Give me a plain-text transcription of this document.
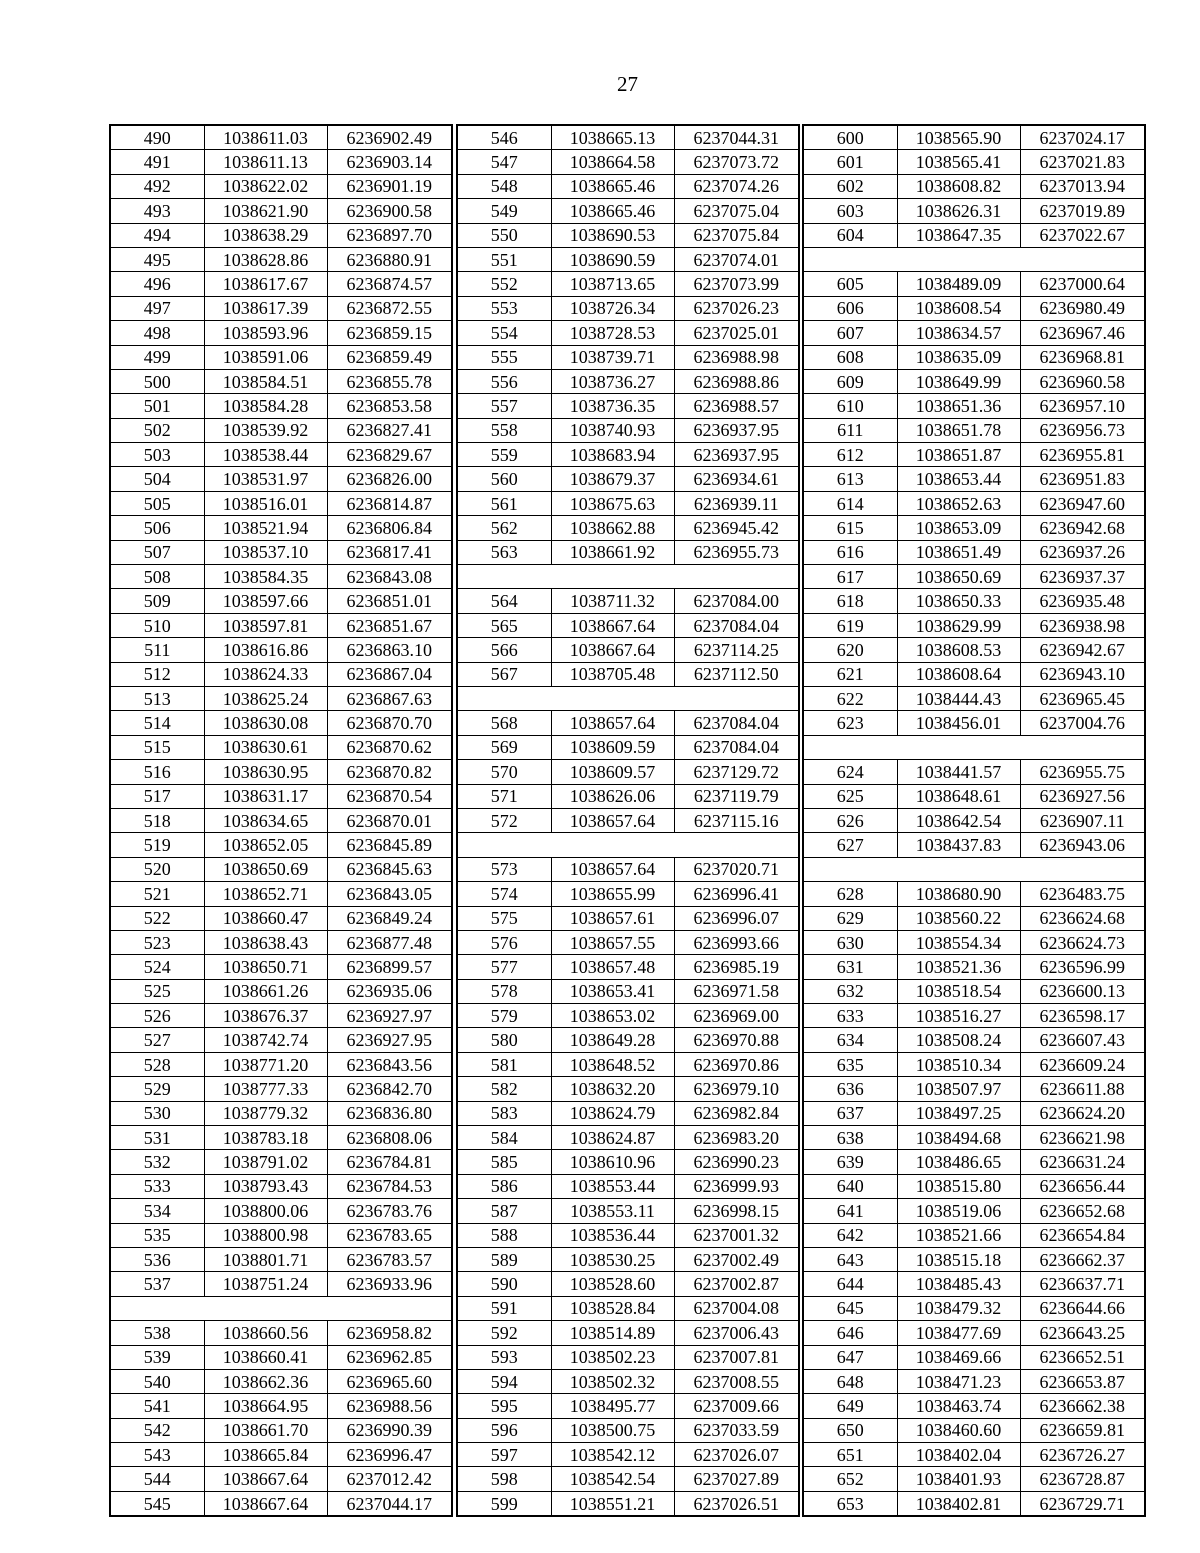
27
490	1038611.03	6236902.49
491	1038611.13	6236903.14
492	1038622.02	6236901.19
493	1038621.90	6236900.58
494	1038638.29	6236897.70
495	1038628.86	6236880.91
496	1038617.67	6236874.57
497	1038617.39	6236872.55
498	1038593.96	6236859.15
499	1038591.06	6236859.49
500	1038584.51	6236855.78
501	1038584.28	6236853.58
502	1038539.92	6236827.41
503	1038538.44	6236829.67
504	1038531.97	6236826.00
505	1038516.01	6236814.87
506	1038521.94	6236806.84
507	1038537.10	6236817.41
508	1038584.35	6236843.08
509	1038597.66	6236851.01
510	1038597.81	6236851.67
511	1038616.86	6236863.10
512	1038624.33	6236867.04
513	1038625.24	6236867.63
514	1038630.08	6236870.70
515	1038630.61	6236870.62
516	1038630.95	6236870.82
517	1038631.17	6236870.54
518	1038634.65	6236870.01
519	1038652.05	6236845.89
520	1038650.69	6236845.63
521	1038652.71	6236843.05
522	1038660.47	6236849.24
523	1038638.43	6236877.48
524	1038650.71	6236899.57
525	1038661.26	6236935.06
526	1038676.37	6236927.97
527	1038742.74	6236927.95
528	1038771.20	6236843.56
529	1038777.33	6236842.70
530	1038779.32	6236836.80
531	1038783.18	6236808.06
532	1038791.02	6236784.81
533	1038793.43	6236784.53
534	1038800.06	6236783.76
535	1038800.98	6236783.65
536	1038801.71	6236783.57
537	1038751.24	6236933.96

538	1038660.56	6236958.82
539	1038660.41	6236962.85
540	1038662.36	6236965.60
541	1038664.95	6236988.56
542	1038661.70	6236990.39
543	1038665.84	6236996.47
544	1038667.64	6237012.42
545	1038667.64	6237044.17
546	1038665.13	6237044.31
547	1038664.58	6237073.72
548	1038665.46	6237074.26
549	1038665.46	6237075.04
550	1038690.53	6237075.84
551	1038690.59	6237074.01
552	1038713.65	6237073.99
553	1038726.34	6237026.23
554	1038728.53	6237025.01
555	1038739.71	6236988.98
556	1038736.27	6236988.86
557	1038736.35	6236988.57
558	1038740.93	6236937.95
559	1038683.94	6236937.95
560	1038679.37	6236934.61
561	1038675.63	6236939.11
562	1038662.88	6236945.42
563	1038661.92	6236955.73

564	1038711.32	6237084.00
565	1038667.64	6237084.04
566	1038667.64	6237114.25
567	1038705.48	6237112.50

568	1038657.64	6237084.04
569	1038609.59	6237084.04
570	1038609.57	6237129.72
571	1038626.06	6237119.79
572	1038657.64	6237115.16

573	1038657.64	6237020.71
574	1038655.99	6236996.41
575	1038657.61	6236996.07
576	1038657.55	6236993.66
577	1038657.48	6236985.19
578	1038653.41	6236971.58
579	1038653.02	6236969.00
580	1038649.28	6236970.88
581	1038648.52	6236970.86
582	1038632.20	6236979.10
583	1038624.79	6236982.84
584	1038624.87	6236983.20
585	1038610.96	6236990.23
586	1038553.44	6236999.93
587	1038553.11	6236998.15
588	1038536.44	6237001.32
589	1038530.25	6237002.49
590	1038528.60	6237002.87
591	1038528.84	6237004.08
592	1038514.89	6237006.43
593	1038502.23	6237007.81
594	1038502.32	6237008.55
595	1038495.77	6237009.66
596	1038500.75	6237033.59
597	1038542.12	6237026.07
598	1038542.54	6237027.89
599	1038551.21	6237026.51
600	1038565.90	6237024.17
601	1038565.41	6237021.83
602	1038608.82	6237013.94
603	1038626.31	6237019.89
604	1038647.35	6237022.67

605	1038489.09	6237000.64
606	1038608.54	6236980.49
607	1038634.57	6236967.46
608	1038635.09	6236968.81
609	1038649.99	6236960.58
610	1038651.36	6236957.10
611	1038651.78	6236956.73
612	1038651.87	6236955.81
613	1038653.44	6236951.83
614	1038652.63	6236947.60
615	1038653.09	6236942.68
616	1038651.49	6236937.26
617	1038650.69	6236937.37
618	1038650.33	6236935.48
619	1038629.99	6236938.98
620	1038608.53	6236942.67
621	1038608.64	6236943.10
622	1038444.43	6236965.45
623	1038456.01	6237004.76

624	1038441.57	6236955.75
625	1038648.61	6236927.56
626	1038642.54	6236907.11
627	1038437.83	6236943.06

628	1038680.90	6236483.75
629	1038560.22	6236624.68
630	1038554.34	6236624.73
631	1038521.36	6236596.99
632	1038518.54	6236600.13
633	1038516.27	6236598.17
634	1038508.24	6236607.43
635	1038510.34	6236609.24
636	1038507.97	6236611.88
637	1038497.25	6236624.20
638	1038494.68	6236621.98
639	1038486.65	6236631.24
640	1038515.80	6236656.44
641	1038519.06	6236652.68
642	1038521.66	6236654.84
643	1038515.18	6236662.37
644	1038485.43	6236637.71
645	1038479.32	6236644.66
646	1038477.69	6236643.25
647	1038469.66	6236652.51
648	1038471.23	6236653.87
649	1038463.74	6236662.38
650	1038460.60	6236659.81
651	1038402.04	6236726.27
652	1038401.93	6236728.87
653	1038402.81	6236729.71
